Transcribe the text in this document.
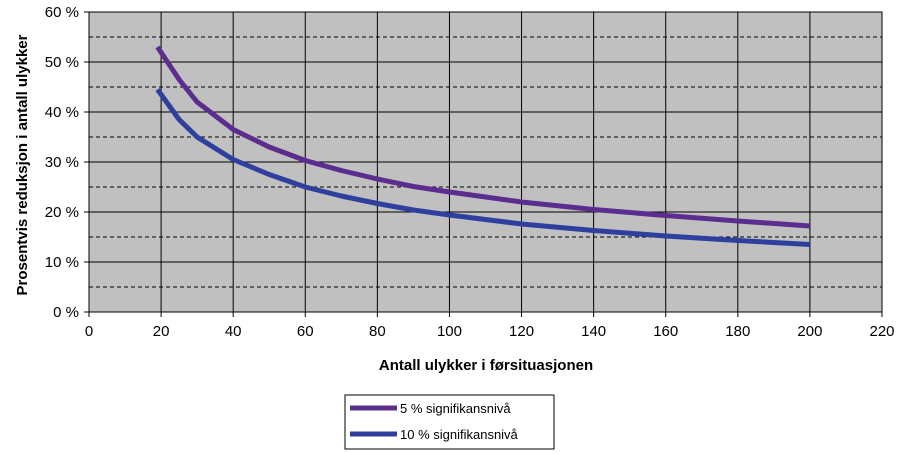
0	20	40	60	80	100	120	140	160	180	200	220
0 %
10 %
20 %
30 %
40 %
50 %
60 %
Antall ulykker i førsituasjonen
Prosentvis reduksjon i antall ulykker
5 % signifikansnivå
10 % signifikansnivå
